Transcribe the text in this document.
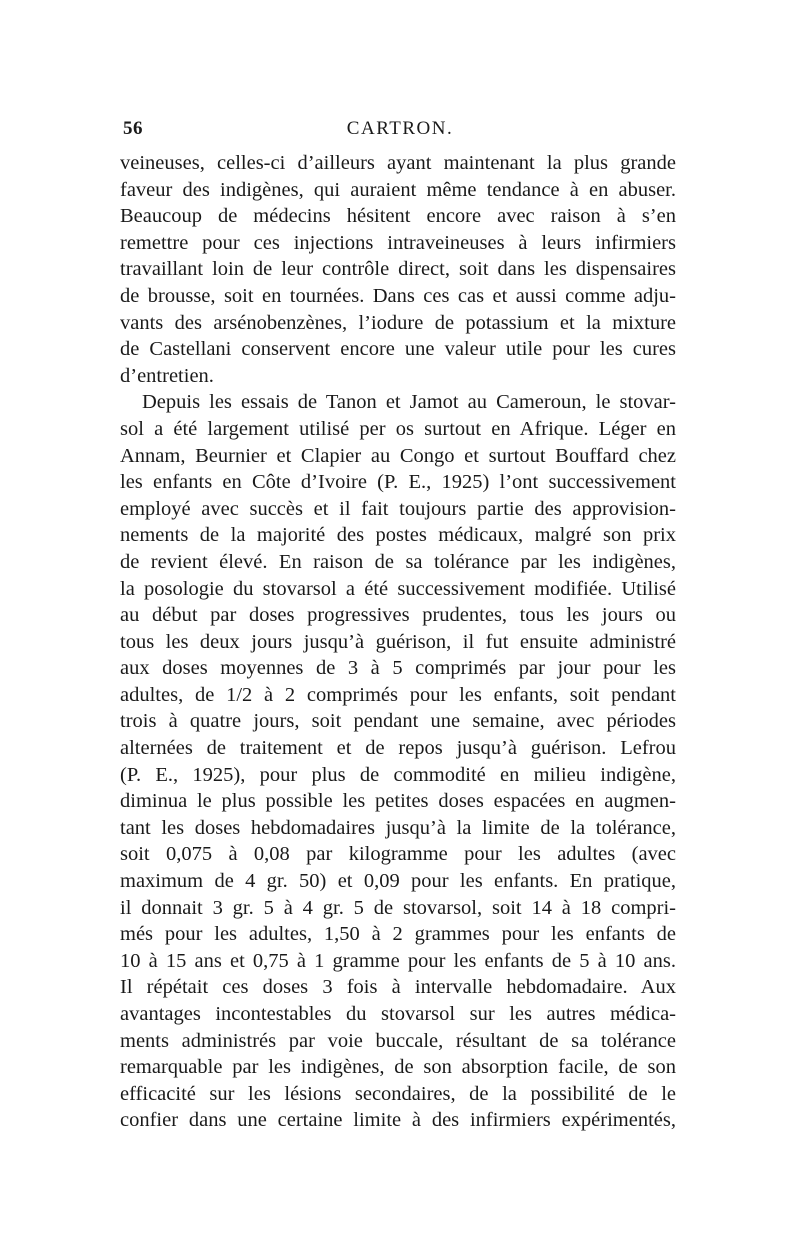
56	CARTRON.
veineuses, celles-ci d’ailleurs ayant maintenant la plus grande
faveur des indigènes, qui auraient même tendance à en abuser.
Beaucoup de médecins hésitent encore avec raison à s’en
remettre pour ces injections intraveineuses à leurs infirmiers
travaillant loin de leur contrôle direct, soit dans les dispensaires
de brousse, soit en tournées. Dans ces cas et aussi comme adju-
vants des arsénobenzènes, l’iodure de potassium et la mixture
de Castellani conservent encore une valeur utile pour les cures
d’entretien.
Depuis les essais de Tanon et Jamot au Cameroun, le stovar-
sol a été largement utilisé per os surtout en Afrique. Léger en
Annam, Beurnier et Clapier au Congo et surtout Bouffard chez
les enfants en Côte d’Ivoire (P. E., 1925) l’ont successivement
employé avec succès et il fait toujours partie des approvision-
nements de la majorité des postes médicaux, malgré son prix
de revient élevé. En raison de sa tolérance par les indigènes,
la posologie du stovarsol a été successivement modifiée. Utilisé
au début par doses progressives prudentes, tous les jours ou
tous les deux jours jusqu’à guérison, il fut ensuite administré
aux doses moyennes de 3 à 5 comprimés par jour pour les
adultes, de 1/2 à 2 comprimés pour les enfants, soit pendant
trois à quatre jours, soit pendant une semaine, avec périodes
alternées de traitement et de repos jusqu’à guérison. Lefrou
(P. E., 1925), pour plus de commodité en milieu indigène,
diminua le plus possible les petites doses espacées en augmen-
tant les doses hebdomadaires jusqu’à la limite de la tolérance,
soit 0,075 à 0,08 par kilogramme pour les adultes (avec
maximum de 4 gr. 50) et 0,09 pour les enfants. En pratique,
il donnait 3 gr. 5 à 4 gr. 5 de stovarsol, soit 14 à 18 compri-
més pour les adultes, 1,50 à 2 grammes pour les enfants de
10 à 15 ans et 0,75 à 1 gramme pour les enfants de 5 à 10 ans.
Il répétait ces doses 3 fois à intervalle hebdomadaire. Aux
avantages incontestables du stovarsol sur les autres médica-
ments administrés par voie buccale, résultant de sa tolérance
remarquable par les indigènes, de son absorption facile, de son
efficacité sur les lésions secondaires, de la possibilité de le
confier dans une certaine limite à des infirmiers expérimentés,
